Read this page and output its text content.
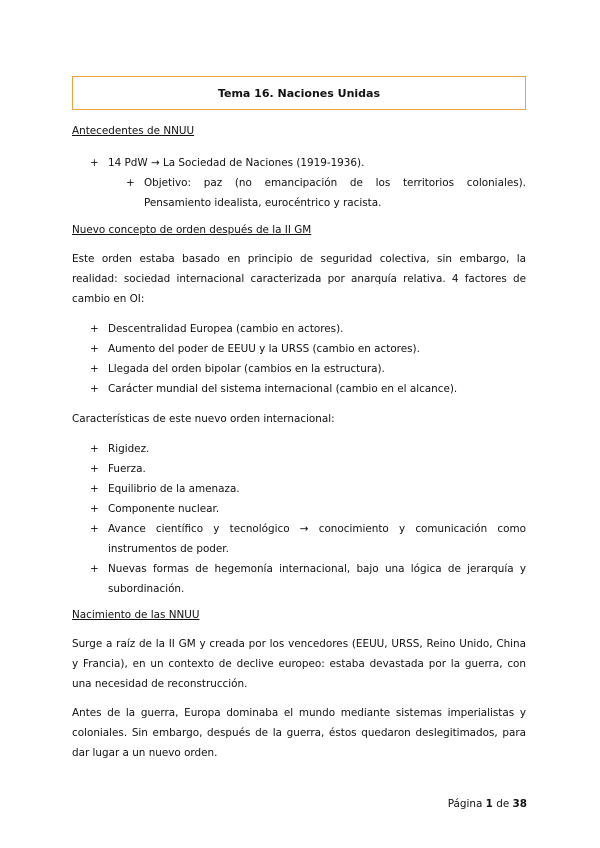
Tema 16. Naciones Unidas
Antecedentes de NNUU
+ 14 PdW → La Sociedad de Naciones (1919-1936).
+ Objetivo: paz (no emancipación de los territorios coloniales). Pensamiento idealista, eurocéntrico y racista.
Nuevo concepto de orden después de la II GM
Este orden estaba basado en principio de seguridad colectiva, sin embargo, la realidad: sociedad internacional caracterizada por anarquía relativa. 4 factores de cambio en OI:
+ Descentralidad Europea (cambio en actores).
+ Aumento del poder de EEUU y la URSS (cambio en actores).
+ Llegada del orden bipolar (cambios en la estructura).
+ Carácter mundial del sistema internacional (cambio en el alcance).
Características de este nuevo orden internacional:
+ Rigidez.
+ Fuerza.
+ Equilibrio de la amenaza.
+ Componente nuclear.
+ Avance científico y tecnológico → conocimiento y comunicación como instrumentos de poder.
+ Nuevas formas de hegemonía internacional, bajo una lógica de jerarquía y subordinación.
Nacimiento de las NNUU
Surge a raíz de la II GM y creada por los vencedores (EEUU, URSS, Reino Unido, China y Francia), en un contexto de declive europeo: estaba devastada por la guerra, con una necesidad de reconstrucción.
Antes de la guerra, Europa dominaba el mundo mediante sistemas imperialistas y coloniales. Sin embargo, después de la guerra, éstos quedaron deslegitimados, para dar lugar a un nuevo orden.
Página 1 de 38
